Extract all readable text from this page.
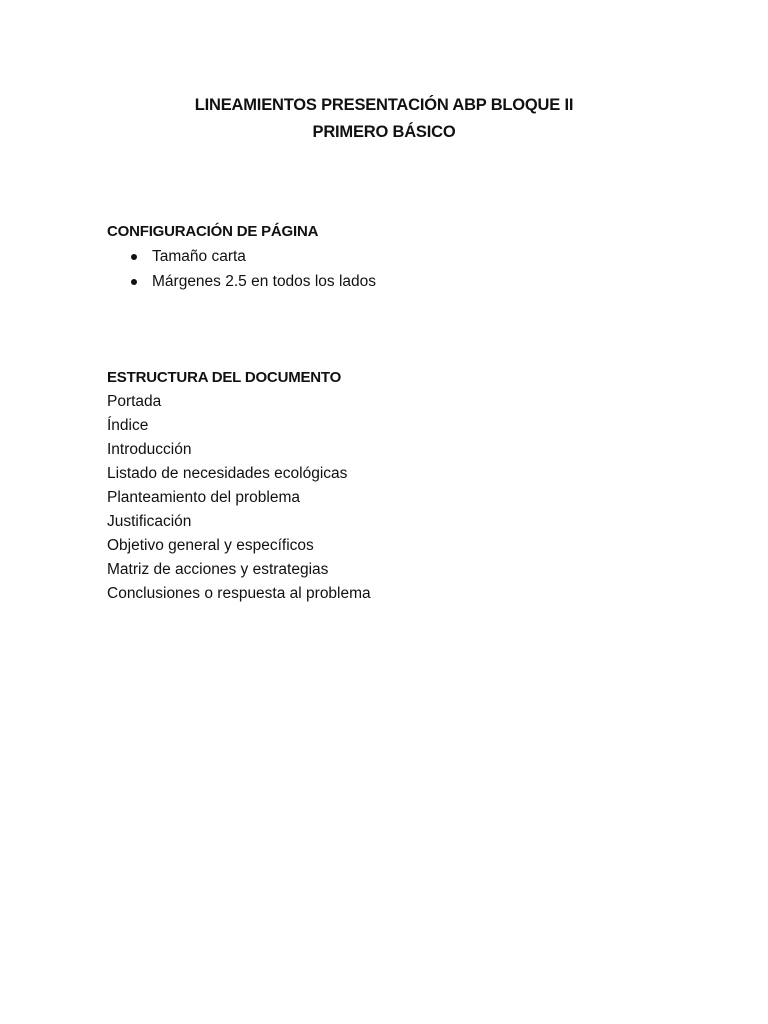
LINEAMIENTOS PRESENTACIÓN ABP BLOQUE II
PRIMERO BÁSICO
CONFIGURACIÓN DE PÁGINA
Tamaño carta
Márgenes 2.5 en todos los lados
ESTRUCTURA DEL DOCUMENTO
Portada
Índice
Introducción
Listado de necesidades ecológicas
Planteamiento del problema
Justificación
Objetivo general y específicos
Matriz de acciones y estrategias
Conclusiones o respuesta al problema
